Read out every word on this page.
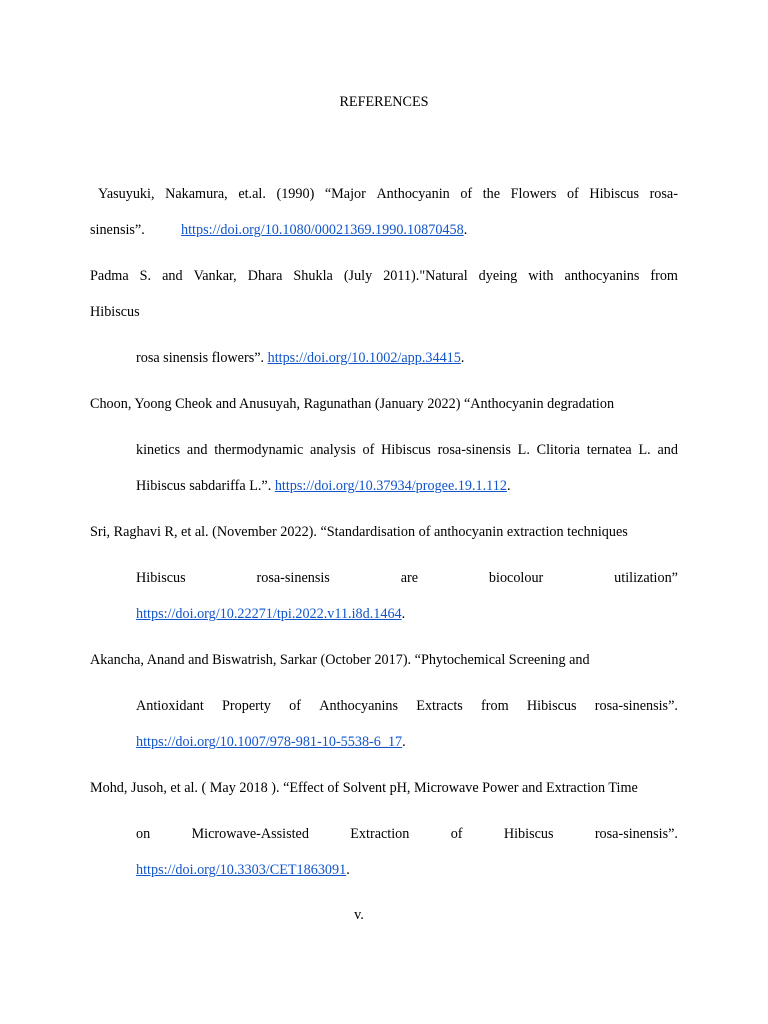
REFERENCES
Yasuyuki, Nakamura, et.al. (1990) “Major Anthocyanin of the Flowers of Hibiscus rosa-
sinensis”.	https://doi.org/10.1080/00021369.1990.10870458.
Padma S. and Vankar, Dhara Shukla (July 2011)."Natural dyeing with anthocyanins from
Hibiscus
rosa sinensis flowers”. https://doi.org/10.1002/app.34415.
Choon, Yoong Cheok and Anusuyah, Ragunathan (January 2022) “Anthocyanin degradation
kinetics and thermodynamic analysis of Hibiscus rosa-sinensis L. Clitoria ternatea L. and
Hibiscus sabdariffa L.”. https://doi.org/10.37934/progee.19.1.112.
Sri, Raghavi R, et al. (November 2022). “Standardisation of anthocyanin extraction techniques
Hibiscus	rosa-sinensis	are	biocolour	utilization”
https://doi.org/10.22271/tpi.2022.v11.i8d.1464.
Akancha, Anand and Biswatrish, Sarkar (October 2017). “Phytochemical Screening and
Antioxidant Property of Anthocyanins Extracts from Hibiscus rosa-sinensis”.
https://doi.org/10.1007/978-981-10-5538-6_17.
Mohd, Jusoh, et al. ( May 2018 ). “Effect of Solvent pH, Microwave Power and Extraction Time
on	Microwave-Assisted	Extraction	of	Hibiscus	rosa-sinensis”.
https://doi.org/10.3303/CET1863091.
v.
